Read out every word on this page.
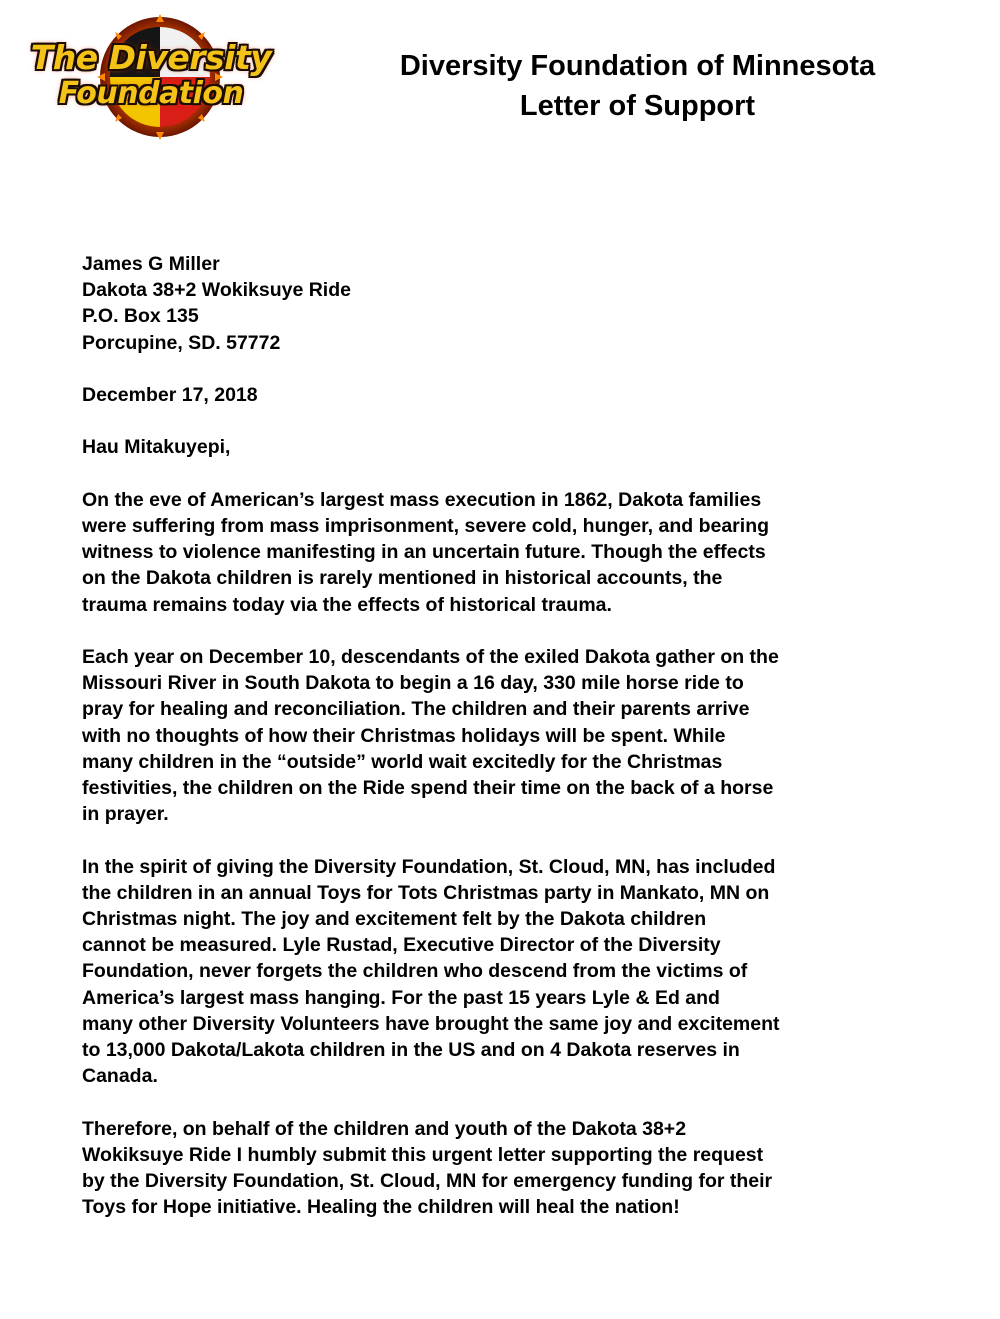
The Diversity
Foundation
Diversity Foundation of Minnesota
Letter of Support
James G Miller
Dakota 38+2 Wokiksuye Ride
P.O. Box 135
Porcupine, SD. 57772
December 17, 2018
Hau Mitakuyepi,
On the eve of American’s largest mass execution in 1862, Dakota families
were suffering from mass imprisonment, severe cold, hunger, and bearing
witness to violence manifesting in an uncertain future. Though the effects
on the Dakota children is rarely mentioned in historical accounts, the
trauma remains today via the effects of historical trauma.
Each year on December 10, descendants of the exiled Dakota gather on the
Missouri River in South Dakota to begin a 16 day, 330 mile horse ride to
pray for healing and reconciliation. The children and their parents arrive
with no thoughts of how their Christmas holidays will be spent. While
many children in the “outside” world wait excitedly for the Christmas
festivities, the children on the Ride spend their time on the back of a horse
in prayer.
In the spirit of giving the Diversity Foundation, St. Cloud, MN, has included
the children in an annual Toys for Tots Christmas party in Mankato, MN on
Christmas night. The joy and excitement felt by the Dakota children
cannot be measured. Lyle Rustad, Executive Director of the Diversity
Foundation, never forgets the children who descend from the victims of
America’s largest mass hanging. For the past 15 years Lyle & Ed and
many other Diversity Volunteers have brought the same joy and excitement
to 13,000 Dakota/Lakota children in the US and on 4 Dakota reserves in
Canada.
Therefore, on behalf of the children and youth of the Dakota 38+2
Wokiksuye Ride I humbly submit this urgent letter supporting the request
by the Diversity Foundation, St. Cloud, MN for emergency funding for their
Toys for Hope initiative. Healing the children will heal the nation!
